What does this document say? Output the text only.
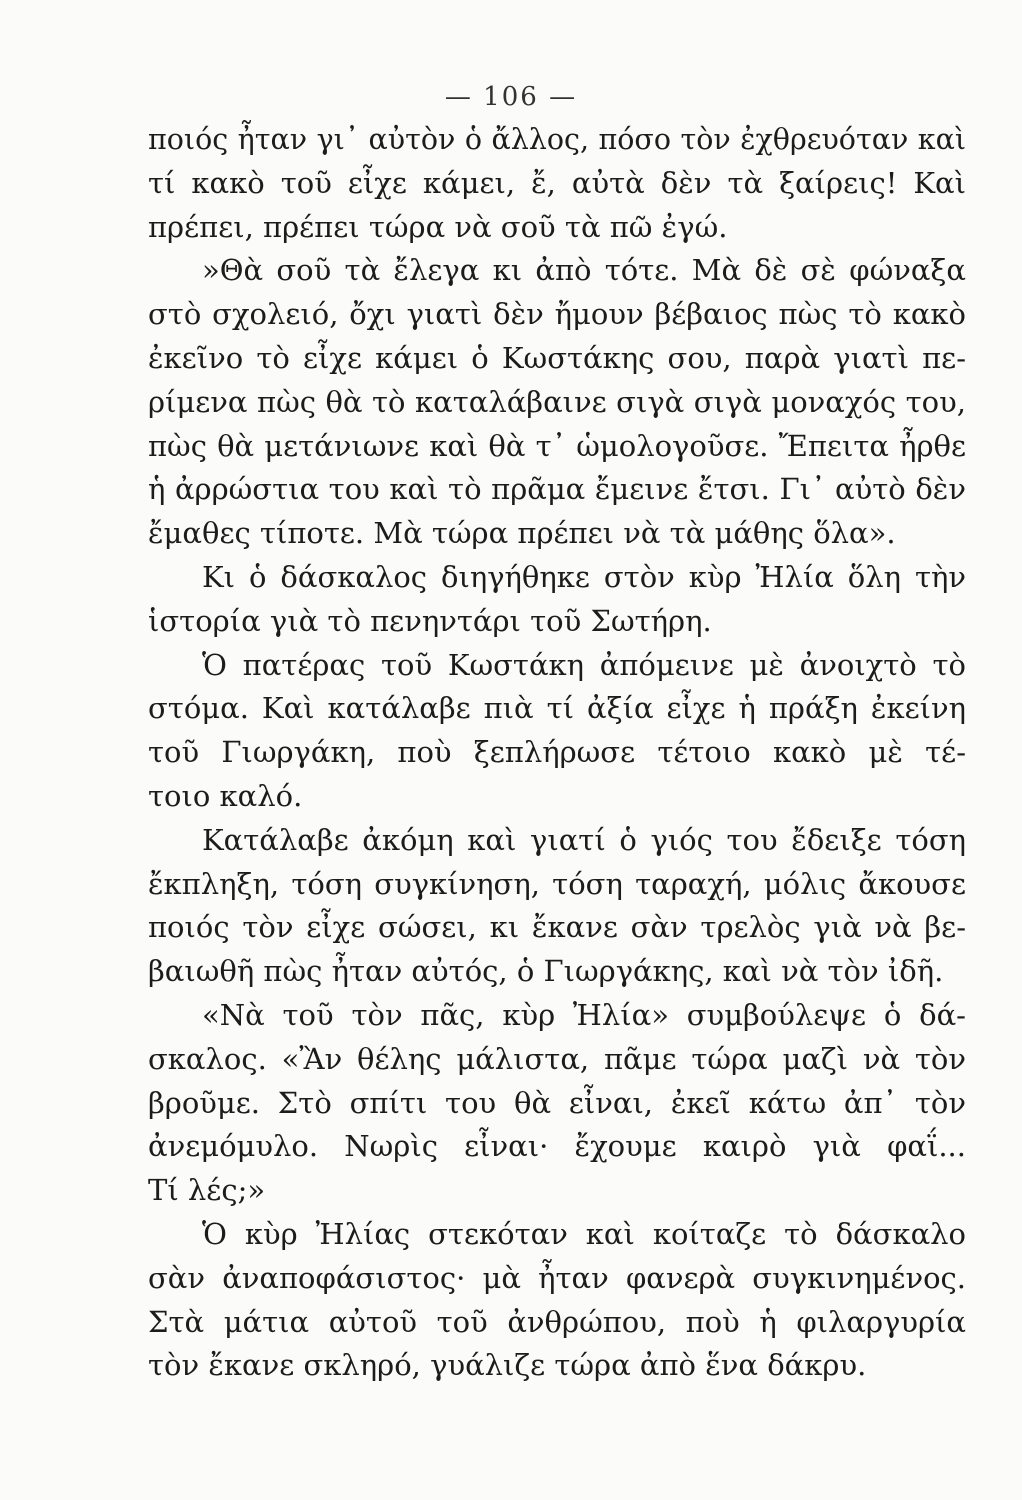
— 106 —
ποιός ἦταν γι᾽ αὐτὸν ὁ ἄλλος, πόσο τὸν ἐχθρευόταν καὶ
τί κακὸ τοῦ εἶχε κάμει, ἔ, αὐτὰ δὲν τὰ ξαίρεις! Καὶ
πρέπει, πρέπει τώρα νὰ σοῦ τὰ πῶ ἐγώ.
»Θὰ σοῦ τὰ ἔλεγα κι ἀπὸ τότε. Μὰ δὲ σὲ φώναξα
στὸ σχολειό, ὄχι γιατὶ δὲν ἤμουν βέβαιος πὼς τὸ κακὸ
ἐκεῖνο τὸ εἶχε κάμει ὁ Κωστάκης σου, παρὰ γιατὶ πε-
ρίμενα πὼς θὰ τὸ καταλάβαινε σιγὰ σιγὰ μοναχός του,
πὼς θὰ μετάνιωνε καὶ θὰ τ᾽ ὡμολογοῦσε. Ἔπειτα ἦρθε
ἡ ἀρρώστια του καὶ τὸ πρᾶμα ἔμεινε ἔτσι. Γι᾽ αὐτὸ δὲν
ἔμαθες τίποτε. Μὰ τώρα πρέπει νὰ τὰ μάθης ὅλα».
Κι ὁ δάσκαλος διηγήθηκε στὸν κὺρ Ἠλία ὅλη τὴν
ἱστορία γιὰ τὸ πενηντάρι τοῦ Σωτήρη.
Ὁ πατέρας τοῦ Κωστάκη ἀπόμεινε μὲ ἀνοιχτὸ τὸ
στόμα. Καὶ κατάλαβε πιὰ τί ἀξία εἶχε ἡ πράξη ἐκείνη
τοῦ Γιωργάκη, ποὺ ξεπλήρωσε τέτοιο κακὸ μὲ τέ-
τοιο καλό.
Κατάλαβε ἀκόμη καὶ γιατί ὁ γιός του ἔδειξε τόση
ἔκπληξη, τόση συγκίνηση, τόση ταραχή, μόλις ἄκουσε
ποιός τὸν εἶχε σώσει, κι ἔκανε σὰν τρελὸς γιὰ νὰ βε-
βαιωθῆ πὼς ἦταν αὐτός, ὁ Γιωργάκης, καὶ νὰ τὸν ἰδῆ.
«Νὰ τοῦ τὸν πᾶς, κὺρ Ἠλία» συμβούλεψε ὁ δά-
σκαλος. «Ἂν θέλης μάλιστα, πᾶμε τώρα μαζὶ νὰ τὸν
βροῦμε. Στὸ σπίτι του θὰ εἶναι, ἐκεῖ κάτω ἀπ᾽ τὸν
ἀνεμόμυλο. Νωρὶς εἶναι· ἔχουμε καιρὸ γιὰ φαΐ...
Τί λές;»
Ὁ κὺρ Ἠλίας στεκόταν καὶ κοίταζε τὸ δάσκαλο
σὰν ἀναποφάσιστος· μὰ ἦταν φανερὰ συγκινημένος.
Στὰ μάτια αὐτοῦ τοῦ ἀνθρώπου, ποὺ ἡ φιλαργυρία
τὸν ἔκανε σκληρό, γυάλιζε τώρα ἀπὸ ἕνα δάκρυ.
